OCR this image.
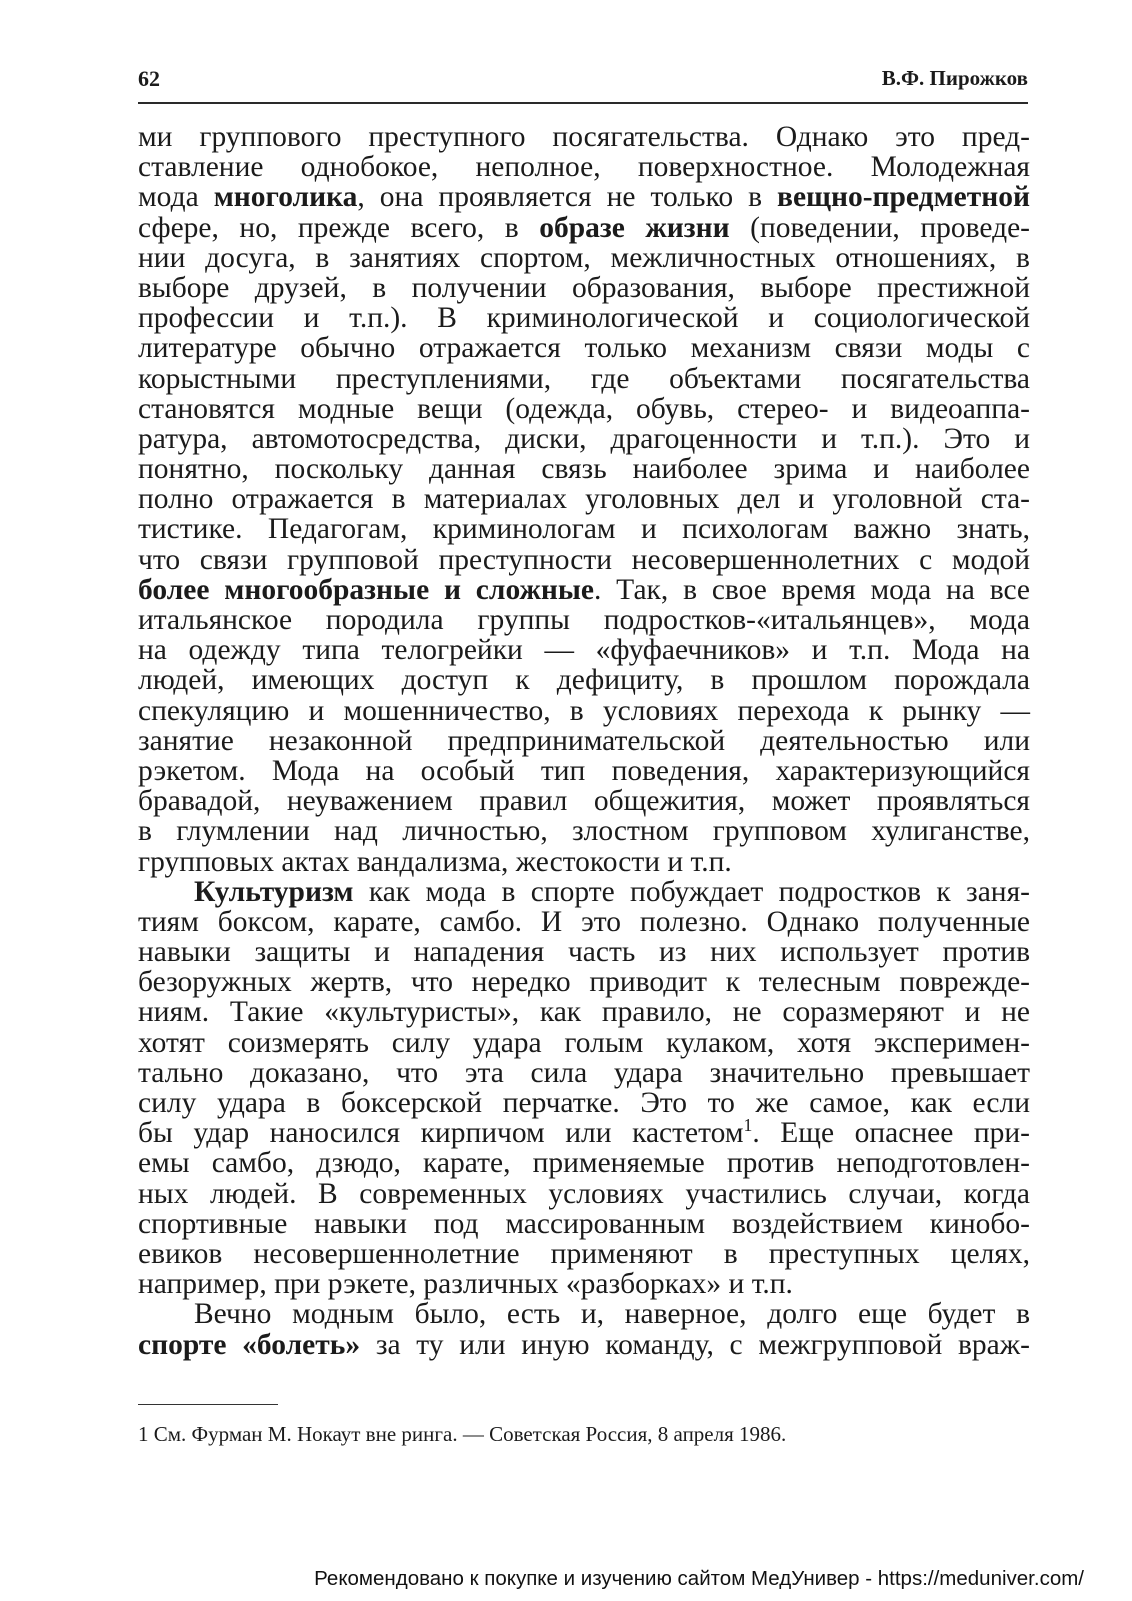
62	В.Ф. Пирожков
ми группового преступного посягательства. Однако это пред-
ставление однобокое, неполное, поверхностное. Молодежная
мода многолика, она проявляется не только в вещно-предметной
сфере, но, прежде всего, в образе жизни (поведении, проведе-
нии досуга, в занятиях спортом, межличностных отношениях, в
выборе друзей, в получении образования, выборе престижной
профессии и т.п.). В криминологической и социологической
литературе обычно отражается только механизм связи моды с
корыстными преступлениями, где объектами посягательства
становятся модные вещи (одежда, обувь, стерео- и видеоаппа-
ратура, автомотосредства, диски, драгоценности и т.п.). Это и
понятно, поскольку данная связь наиболее зрима и наиболее
полно отражается в материалах уголовных дел и уголовной ста-
тистике. Педагогам, криминологам и психологам важно знать,
что связи групповой преступности несовершеннолетних с модой
более многообразные и сложные. Так, в свое время мода на все
итальянское породила группы подростков-«итальянцев», мода
на одежду типа телогрейки — «фуфаечников» и т.п. Мода на
людей, имеющих доступ к дефициту, в прошлом порождала
спекуляцию и мошенничество, в условиях перехода к рынку —
занятие незаконной предпринимательской деятельностью или
рэкетом. Мода на особый тип поведения, характеризующийся
бравадой, неуважением правил общежития, может проявляться
в глумлении над личностью, злостном групповом хулиганстве,
групповых актах вандализма, жестокости и т.п.
Культуризм как мода в спорте побуждает подростков к заня-
тиям боксом, карате, самбо. И это полезно. Однако полученные
навыки защиты и нападения часть из них использует против
безоружных жертв, что нередко приводит к телесным поврежде-
ниям. Такие «культуристы», как правило, не соразмеряют и не
хотят соизмерять силу удара голым кулаком, хотя эксперимен-
тально доказано, что эта сила удара значительно превышает
силу удара в боксерской перчатке. Это то же самое, как если
бы удар наносился кирпичом или кастетом$^1$. Еще опаснее при-
емы самбо, дзюдо, карате, применяемые против неподготовлен-
ных людей. В современных условиях участились случаи, когда
спортивные навыки под массированным воздействием кинобо-
евиков несовершеннолетние применяют в преступных целях,
например, при рэкете, различных «разборках» и т.п.
Вечно модным было, есть и, наверное, долго еще будет в
спорте «болеть» за ту или иную команду, с межгрупповой враж-
1 См. Фурман М. Нокаут вне ринга. — Советская Россия, 8 апреля 1986.
Рекомендовано к покупке и изучению сайтом МедУнивер - https://meduniver.com/
